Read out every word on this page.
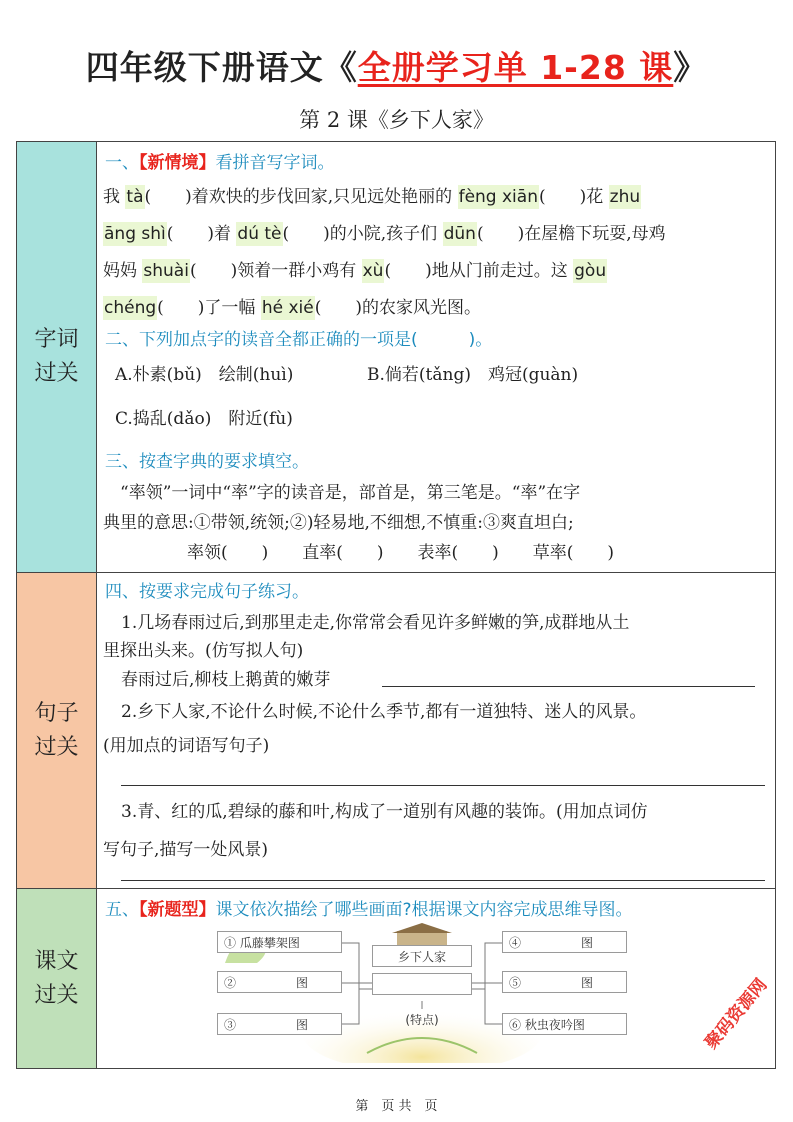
四年级下册语文《全册学习单 1-28 课》
第 2 课《乡下人家》
字词
过关
一、【新情境】看拼音写字词。
我 tà(　　)着欢快的步伐回家,只见远处艳丽的 fèng xiān(　　)花 zhu
āng shì(　　)着 dú tè(　　)的小院,孩子们 dūn(　　)在屋檐下玩耍,母鸡
妈妈 shuài(　　)领着一群小鸡有 xù(　　)地从门前走过。这 gòu
chéng(　　)了一幅 hé xié(　　)的农家风光图。
二、下列加点字的读音全都正确的一项是(　　　)。
A.朴素(bǔ)　绘制(huì)	B.倘若(tǎng)　鸡冠(guàn)
C.捣乱(dǎo)　附近(fù)
三、按查字典的要求填空。
　“率领”一词中“率”字的读音是，部首是，第三笔是。“率”在字
典里的意思:①带领,统领;②)轻易地,不细想,不慎重:③爽直坦白;
率领(　　)　　直率(　　)　　表率(　　)　　草率(　　)
句子
过关
四、按要求完成句子练习。
1.几场春雨过后,到那里走走,你常常会看见许多鲜嫩的笋,成群地从土
里探出头来。(仿写拟人句)
春雨过后,柳枝上鹅黄的嫩芽
2.乡下人家,不论什么时候,不论什么季节,都有一道独特、迷人的风景。
(用加点的词语写句子)
3.青、红的瓜,碧绿的藤和叶,构成了一道别有风趣的装饰。(用加点词仿
写句子,描写一处风景)
课文
过关
五、【新题型】课文依次描绘了哪些画面?根据课文内容完成思维导图。
乡下人家
(特点)
① 瓜藤攀架图
②　　　　　图
③　　　　　图
④　　　　　图
⑤　　　　　图
⑥ 秋虫夜吟图	聚码资源网
第　页 共　页
